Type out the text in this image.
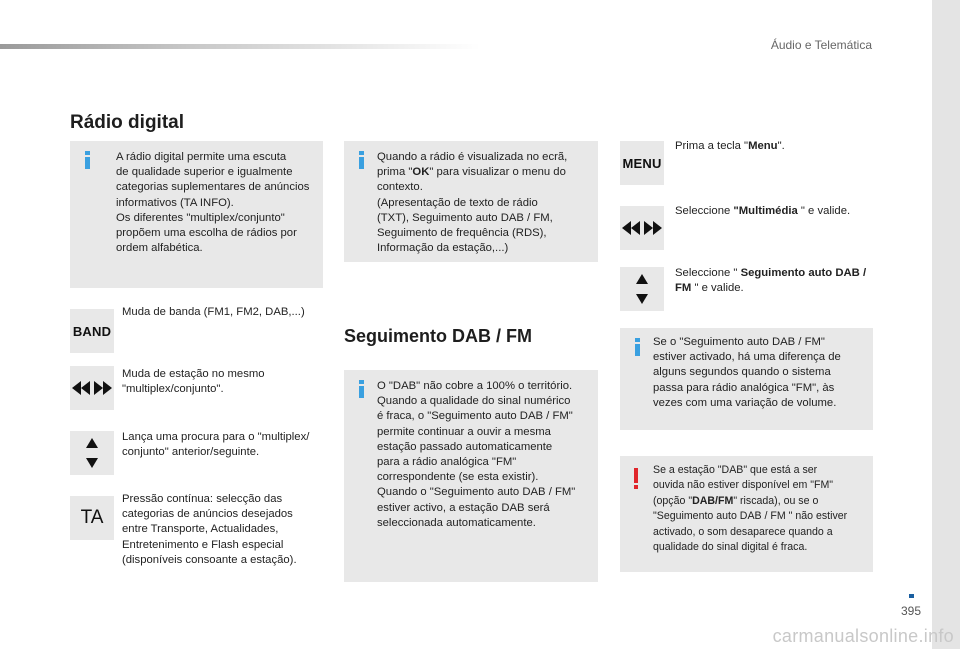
Áudio e Telemática
Rádio digital

A rádio digital permite uma escuta

de qualidade superior e igualmente

categorias suplementares de anúncios

informativos (TA INFO).

Os diferentes "multiplex/conjunto"

propõem uma escolha de rádios por

ordem alfabética.

BAND

Muda de banda (FM1, FM2, DAB,...)

Muda de estação no mesmo

"multiplex/conjunto".

Lança uma procura para o "multiplex/

conjunto" anterior/seguinte.

TA

Pressão contínua: selecção das

categorias de anúncios desejados

entre Transporte, Actualidades,

Entretenimento e Flash especial

(disponíveis consoante a estação).

Quando a rádio é visualizada no ecrã,

prima "OK" para visualizar o menu do

contexto.

(Apresentação de texto de rádio

(TXT), Seguimento auto DAB / FM,

Seguimento de frequência (RDS),

Informação da estação,...)

Seguimento DAB / FM

O "DAB" não cobre a 100% o território.

Quando a qualidade do sinal numérico

é fraca, o "Seguimento auto DAB / FM"

permite continuar a ouvir a mesma

estação passado automaticamente

para a rádio analógica "FM"

correspondente (se esta existir).

Quando o "Seguimento auto DAB / FM"

estiver activo, a estação DAB será

seleccionada automaticamente.

MENU

Prima a tecla "Menu".

Seleccione "Multimédia " e valide.

Seleccione " Seguimento auto DAB /

FM " e valide.

Se o "Seguimento auto DAB / FM"

estiver activado, há uma diferença de

alguns segundos quando o sistema

passa para rádio analógica "FM", às

vezes com uma variação de volume.

Se a estação "DAB" que está a ser

ouvida não estiver disponível em "FM"

(opção "DAB/FM" riscada), ou se o

"Seguimento auto DAB / FM " não estiver

activado, o som desaparece quando a

qualidade do sinal digital é fraca.

395
carmanualsonline.info
